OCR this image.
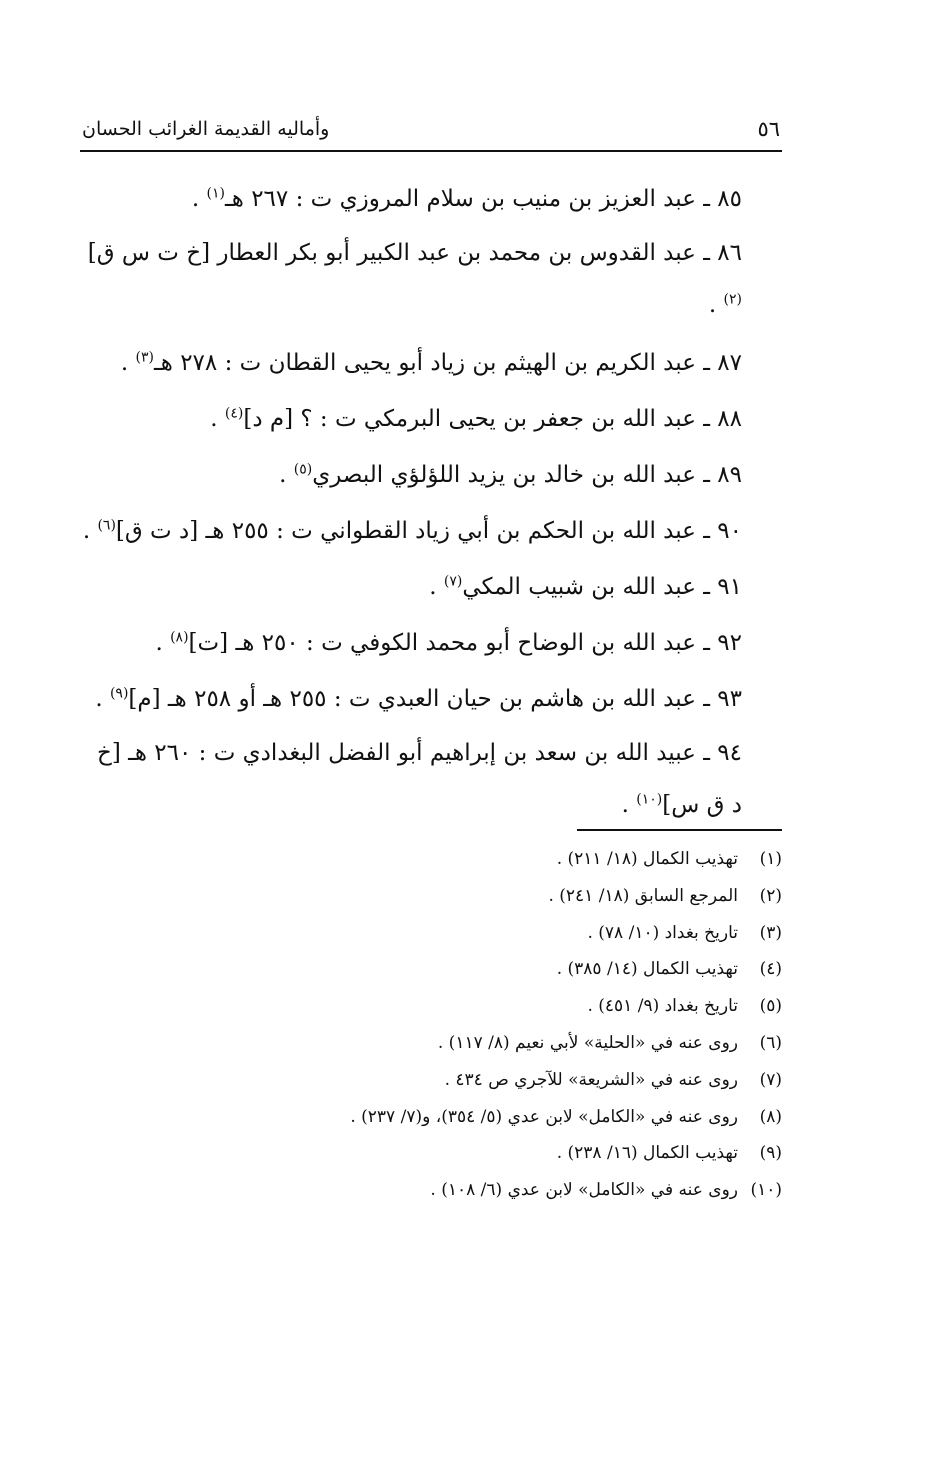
٥٦
وأماليه القديمة الغرائب الحسان
٨٥ ـ عبد العزيز بن منيب بن سلام المروزي ت : ٢٦٧ هـ$^{(١)}$ .
٨٦ ـ عبد القدوس بن محمد بن عبد الكبير أبو بكر العطار [خ ت س ق]$^{(٢)}$ .
٨٧ ـ عبد الكريم بن الهيثم بن زياد أبو يحيى القطان ت : ٢٧٨ هـ$^{(٣)}$ .
٨٨ ـ عبد الله بن جعفر بن يحيى البرمكي ت : ؟ [م د]$^{(٤)}$ .
٨٩ ـ عبد الله بن خالد بن يزيد اللؤلؤي البصري$^{(٥)}$ .
٩٠ ـ عبد الله بن الحكم بن أبي زياد القطواني ت : ٢٥٥ هـ [د ت ق]$^{(٦)}$ .
٩١ ـ عبد الله بن شبيب المكي$^{(٧)}$ .
٩٢ ـ عبد الله بن الوضاح أبو محمد الكوفي ت : ٢٥٠ هـ [ت]$^{(٨)}$ .
٩٣ ـ عبد الله بن هاشم بن حيان العبدي ت : ٢٥٥ هـ أو ٢٥٨ هـ [م]$^{(٩)}$ .
٩٤ ـ عبيد الله بن سعد بن إبراهيم أبو الفضل البغدادي ت : ٢٦٠ هـ [خ د ق س]$^{(١٠)}$ .
(١)تهذيب الكمال (١٨/ ٢١١) .
(٢)المرجع السابق (١٨/ ٢٤١) .
(٣)تاريخ بغداد (١٠/ ٧٨) .
(٤)تهذيب الكمال (١٤/ ٣٨٥) .
(٥)تاريخ بغداد (٩/ ٤٥١) .
(٦)روى عنه في «الحلية» لأبي نعيم (٨/ ١١٧) .
(٧)روى عنه في «الشريعة» للآجري ص ٤٣٤ .
(٨)روى عنه في «الكامل» لابن عدي (٥/ ٣٥٤)، و(٧/ ٢٣٧) .
(٩)تهذيب الكمال (١٦/ ٢٣٨) .
(١٠)روى عنه في «الكامل» لابن عدي (٦/ ١٠٨) .
